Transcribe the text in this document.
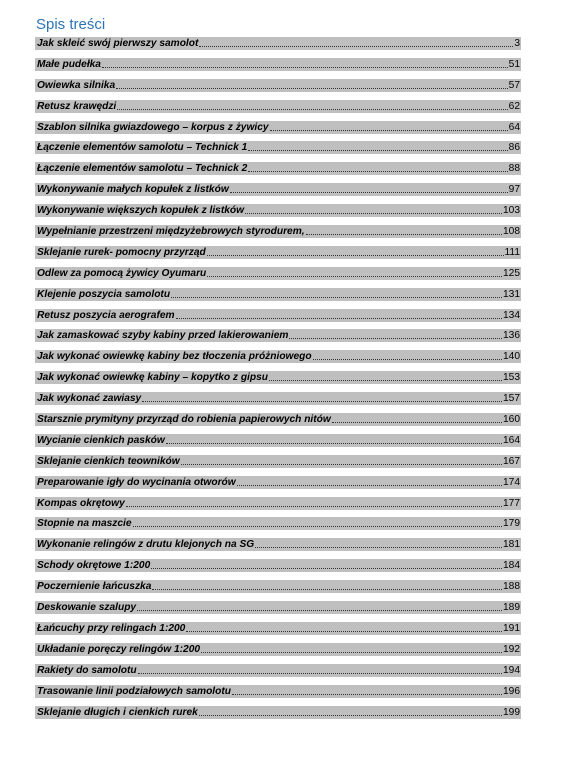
Spis treści
Jak skleić swój pierwszy samolot	3
Małe pudełka	51
Owiewka silnika	57
Retusz krawędzi	62
Szablon silnika gwiazdowego – korpus z żywicy	64
Łączenie elementów samolotu – Technick 1	86
Łączenie elementów samolotu – Technick 2	88
Wykonywanie małych kopułek z listków	97
Wykonywanie większych kopułek z listków	103
Wypełnianie przestrzeni międzyżebrowych styrodurem,	108
Sklejanie rurek- pomocny przyrząd	111
Odlew za pomocą żywicy Oyumaru	125
Klejenie poszycia samolotu	131
Retusz poszycia aerografem	134
Jak zamaskować szyby kabiny przed lakierowaniem	136
Jak wykonać owiewkę kabiny bez tłoczenia próżniowego	140
Jak wykonać owiewkę kabiny – kopytko z gipsu	153
Jak wykonać zawiasy	157
Starsznie prymityny przyrząd do robienia papierowych nitów	160
Wycianie cienkich pasków	164
Sklejanie cienkich teowników	167
Preparowanie igły do wycinania otworów	174
Kompas okrętowy	177
Stopnie na maszcie	179
Wykonanie relingów z drutu klejonych na SG	181
Schody okrętowe 1:200	184
Poczernienie łańcuszka	188
Deskowanie szalupy	189
Łańcuchy przy relingach 1:200	191
Układanie poręczy relingów 1:200	192
Rakiety do samolotu	194
Trasowanie linii podziałowych samolotu	196
Sklejanie długich i cienkich rurek	199
